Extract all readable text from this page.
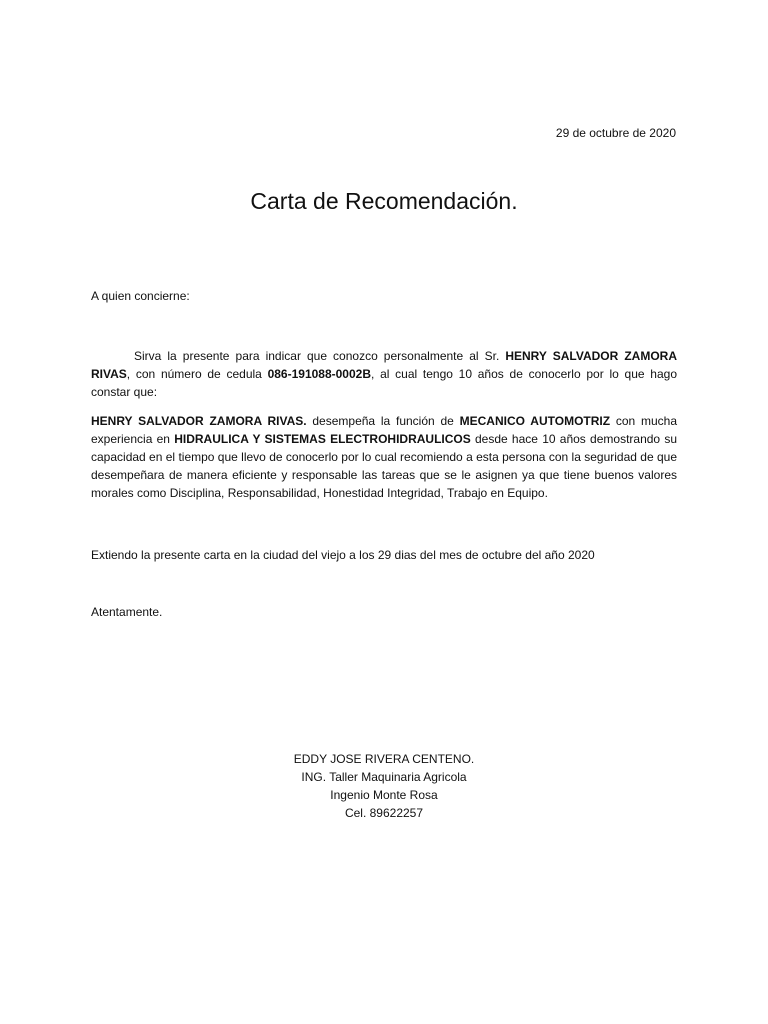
29 de octubre de 2020

Carta de Recomendación.

A quien concierne:

Sirva la presente para indicar que conozco personalmente al Sr. HENRY SALVADOR ZAMORA RIVAS, con número de cedula 086-191088-0002B, al cual tengo 10 años de conocerlo por lo que hago constar que:

HENRY SALVADOR ZAMORA RIVAS. desempeña la función de MECANICO AUTOMOTRIZ con mucha experiencia en HIDRAULICA Y SISTEMAS ELECTROHIDRAULICOS desde hace 10 años demostrando su capacidad en el tiempo que llevo de conocerlo por lo cual recomiendo a esta persona con la seguridad de que desempeñara de manera eficiente y responsable las tareas que se le asignen ya que tiene buenos valores morales como Disciplina, Responsabilidad, Honestidad Integridad, Trabajo en Equipo.

Extiendo la presente carta en la ciudad del viejo a los 29 dias del mes de octubre del año 2020

Atentamente.

EDDY JOSE RIVERA CENTENO.
ING. Taller Maquinaria Agricola
Ingenio Monte Rosa
Cel. 89622257
